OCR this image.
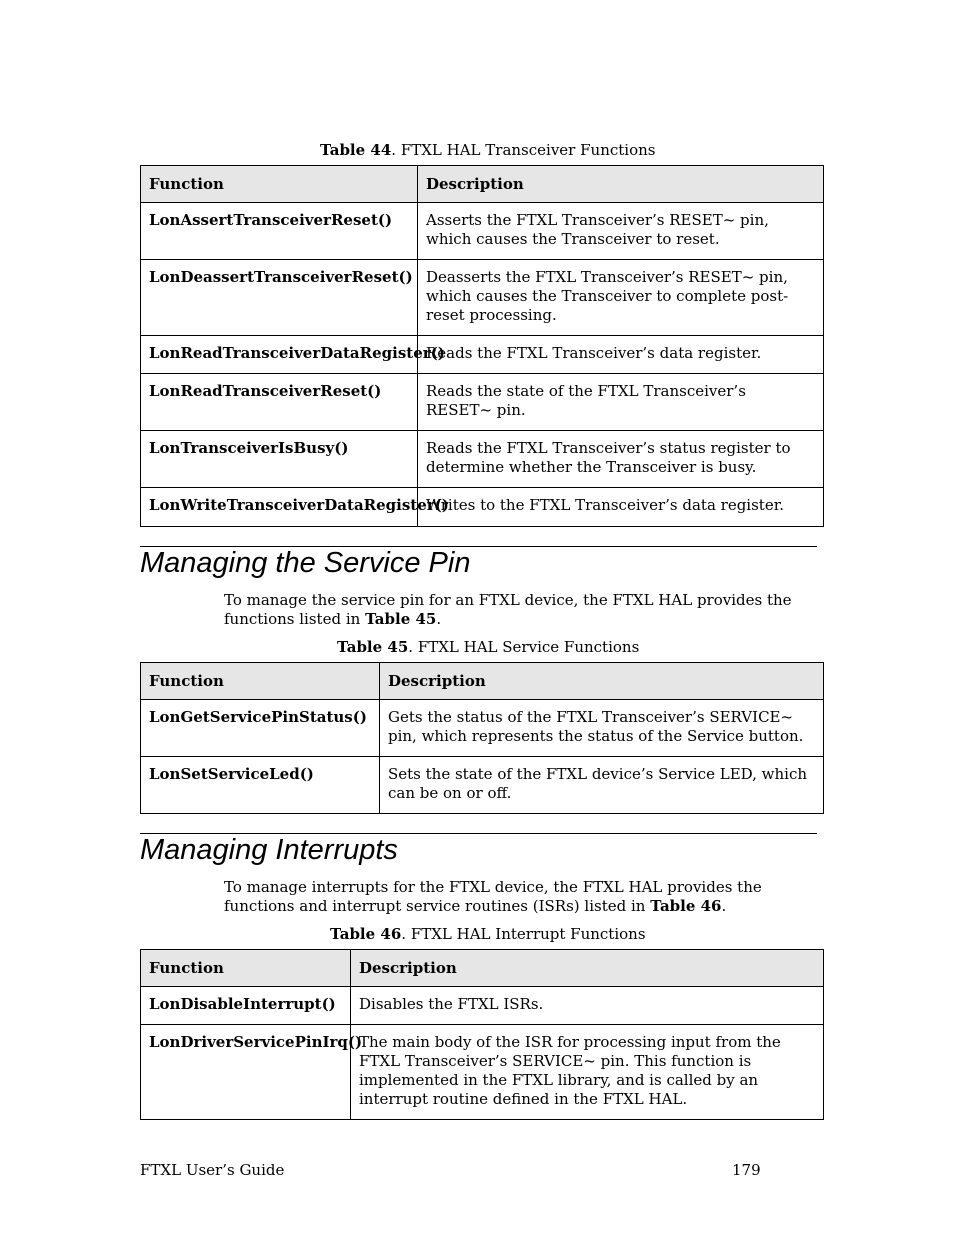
Table 44. FTXL HAL Transceiver Functions
Function	Description
LonAssertTransceiverReset()	Asserts the FTXL Transceiver’s RESET~ pin, which causes the Transceiver to reset.
LonDeassertTransceiverReset()	Deasserts the FTXL Transceiver’s RESET~ pin, which causes the Transceiver to complete post-reset processing.
LonReadTransceiverDataRegister()	Reads the FTXL Transceiver’s data register.
LonReadTransceiverReset()	Reads the state of the FTXL Transceiver’s RESET~ pin.
LonTransceiverIsBusy()	Reads the FTXL Transceiver’s status register to determine whether the Transceiver is busy.
LonWriteTransceiverDataRegister()	Writes to the FTXL Transceiver’s data register.
Managing the Service Pin
To manage the service pin for an FTXL device, the FTXL HAL provides the functions listed in Table 45.
Table 45. FTXL HAL Service Functions
Function	Description
LonGetServicePinStatus()	Gets the status of the FTXL Transceiver’s SERVICE~ pin, which represents the status of the Service button.
LonSetServiceLed()	Sets the state of the FTXL device’s Service LED, which can be on or off.
Managing Interrupts
To manage interrupts for the FTXL device, the FTXL HAL provides the functions and interrupt service routines (ISRs) listed in Table 46.
Table 46. FTXL HAL Interrupt Functions
Function	Description
LonDisableInterrupt()	Disables the FTXL ISRs.
LonDriverServicePinIrq()	The main body of the ISR for processing input from the FTXL Transceiver’s SERVICE~ pin. This function is implemented in the FTXL library, and is called by an interrupt routine defined in the FTXL HAL.
FTXL User’s Guide	179
